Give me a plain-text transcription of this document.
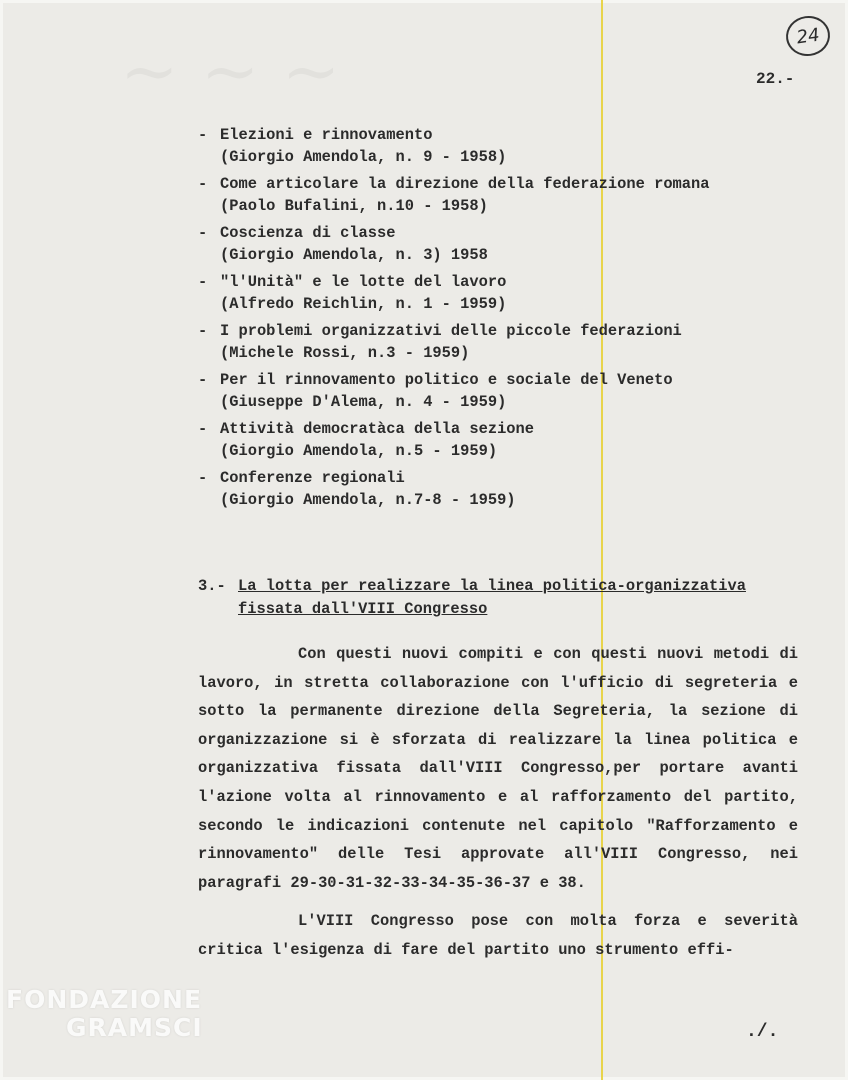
~ ~ ~	24
22.-
- Elezioni e rinnovamento
(Giorgio Amendola, n. 9 - 1958)
- Come articolare la direzione della federazione romana
(Paolo Bufalini, n.10 - 1958)
- Coscienza di classe
(Giorgio Amendola, n. 3) 1958
- "l'Unità" e le lotte del lavoro
(Alfredo Reichlin, n. 1 - 1959)
- I problemi organizzativi delle piccole federazioni
(Michele Rossi, n.3 - 1959)
- Per il rinnovamento politico e sociale del Veneto
(Giuseppe D'Alema, n. 4 - 1959)
- Attività democratàca della sezione
(Giorgio Amendola, n.5 - 1959)
- Conferenze regionali
(Giorgio Amendola, n.7-8 - 1959)
3.- La lotta per realizzare la linea politica-organizzativa
fissata dall'VIII Congresso

Con questi nuovi compiti e con questi nuovi metodi di lavoro, in stretta collaborazione con l'ufficio di segreteria e sotto la permanente direzione della Segreteria, la sezione di organizzazione si è sforzata di realizzare la linea politica e organizzativa fissata dall'VIII Congresso,per portare avanti l'azione volta al rinnovamento e al rafforzamento del partito, secondo le indicazioni contenute nel capitolo "Rafforzamento e rinnovamento" delle Tesi approvate all'VIII Congresso, nei paragrafi 29-30-31-32-33-34-35-36-37 e 38.

L'VIII Congresso pose con molta forza e severità critica l'esigenza di fare del partito uno strumento effi-

FONDAZIONE
GRAMSCI	./.
